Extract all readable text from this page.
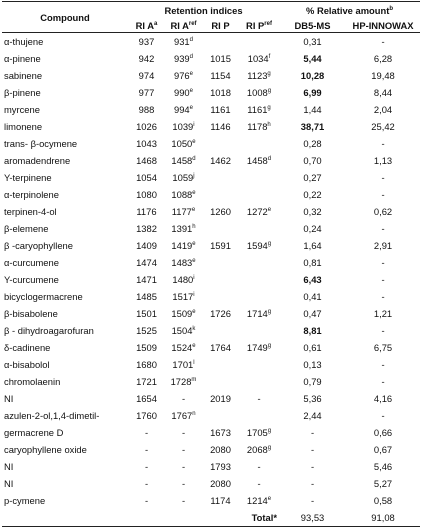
Compound	Retention indices				% Relative amount$^b$
	RI $A^a$	RI $A^{ref}$	RI P	RI $P^{ref}$	DB5-MS	HP-INNOWAX
α-thujene	937	931$^d$			0,31	-
α-pinene	942	939$^d$	1015	1034$^f$	5,44	6,28
sabinene	974	976e	1154	1123$^g$	10,28	19,48
β-pinene	977	990e	1018	1008$^g$	6,99	8,44
myrcene	988	994e	1161	1161$^g$	1,44	2,04
limonene	1026	1039$^i$	1146	1178$^h$	38,71	25,42
trans- β-ocymene	1043	1050e			0,28	-
aromadendrene	1468	1458$^d$	1462	1458$^d$	0,70	1,13
Y-terpinene	1054	1059$^j$			0,27	-
α-terpinolene	1080	1088e			0,22	-
terpinen-4-ol	1176	1177e	1260	1272e	0,32	0,62
β-elemene	1382	1391$^h$			0,24	-
β -caryophyllene	1409	1419e	1591	1594$^g$	1,64	2,91
α-curcumene	1474	1483e			0,81	-
Y-curcumene	1471	1480$^i$			6,43	-
bicyclogermacrene	1485	1517$^i$			0,41	-
β-bisabolene	1501	1509e	1726	1714$^g$	0,47	1,21
β - dihydroagarofuran	1525	1504$^k$			8,81	-
δ-cadinene	1509	1524e	1764	1749$^g$	0,61	6,75
α-bisabolol	1680	1701$^l$			0,13	-
chromolaenin	1721	1728$^m$			0,79	-
NI	1654	-	2019	-	5,36	4,16
azulen-2-ol,1,4-dimetil-	1760	1767$^n$			2,44	-
germacrene D	-	-	1673	1705$^g$	-	0,66
caryophyllene oxide	-	-	2080	2068$^g$	-	0,67
NI	-	-	1793	-	-	5,46
NI	-	-	2080	-	-	5,27
p-cymene	-	-	1174	1214e	-	0,58
				Total*	93,53	91,08
